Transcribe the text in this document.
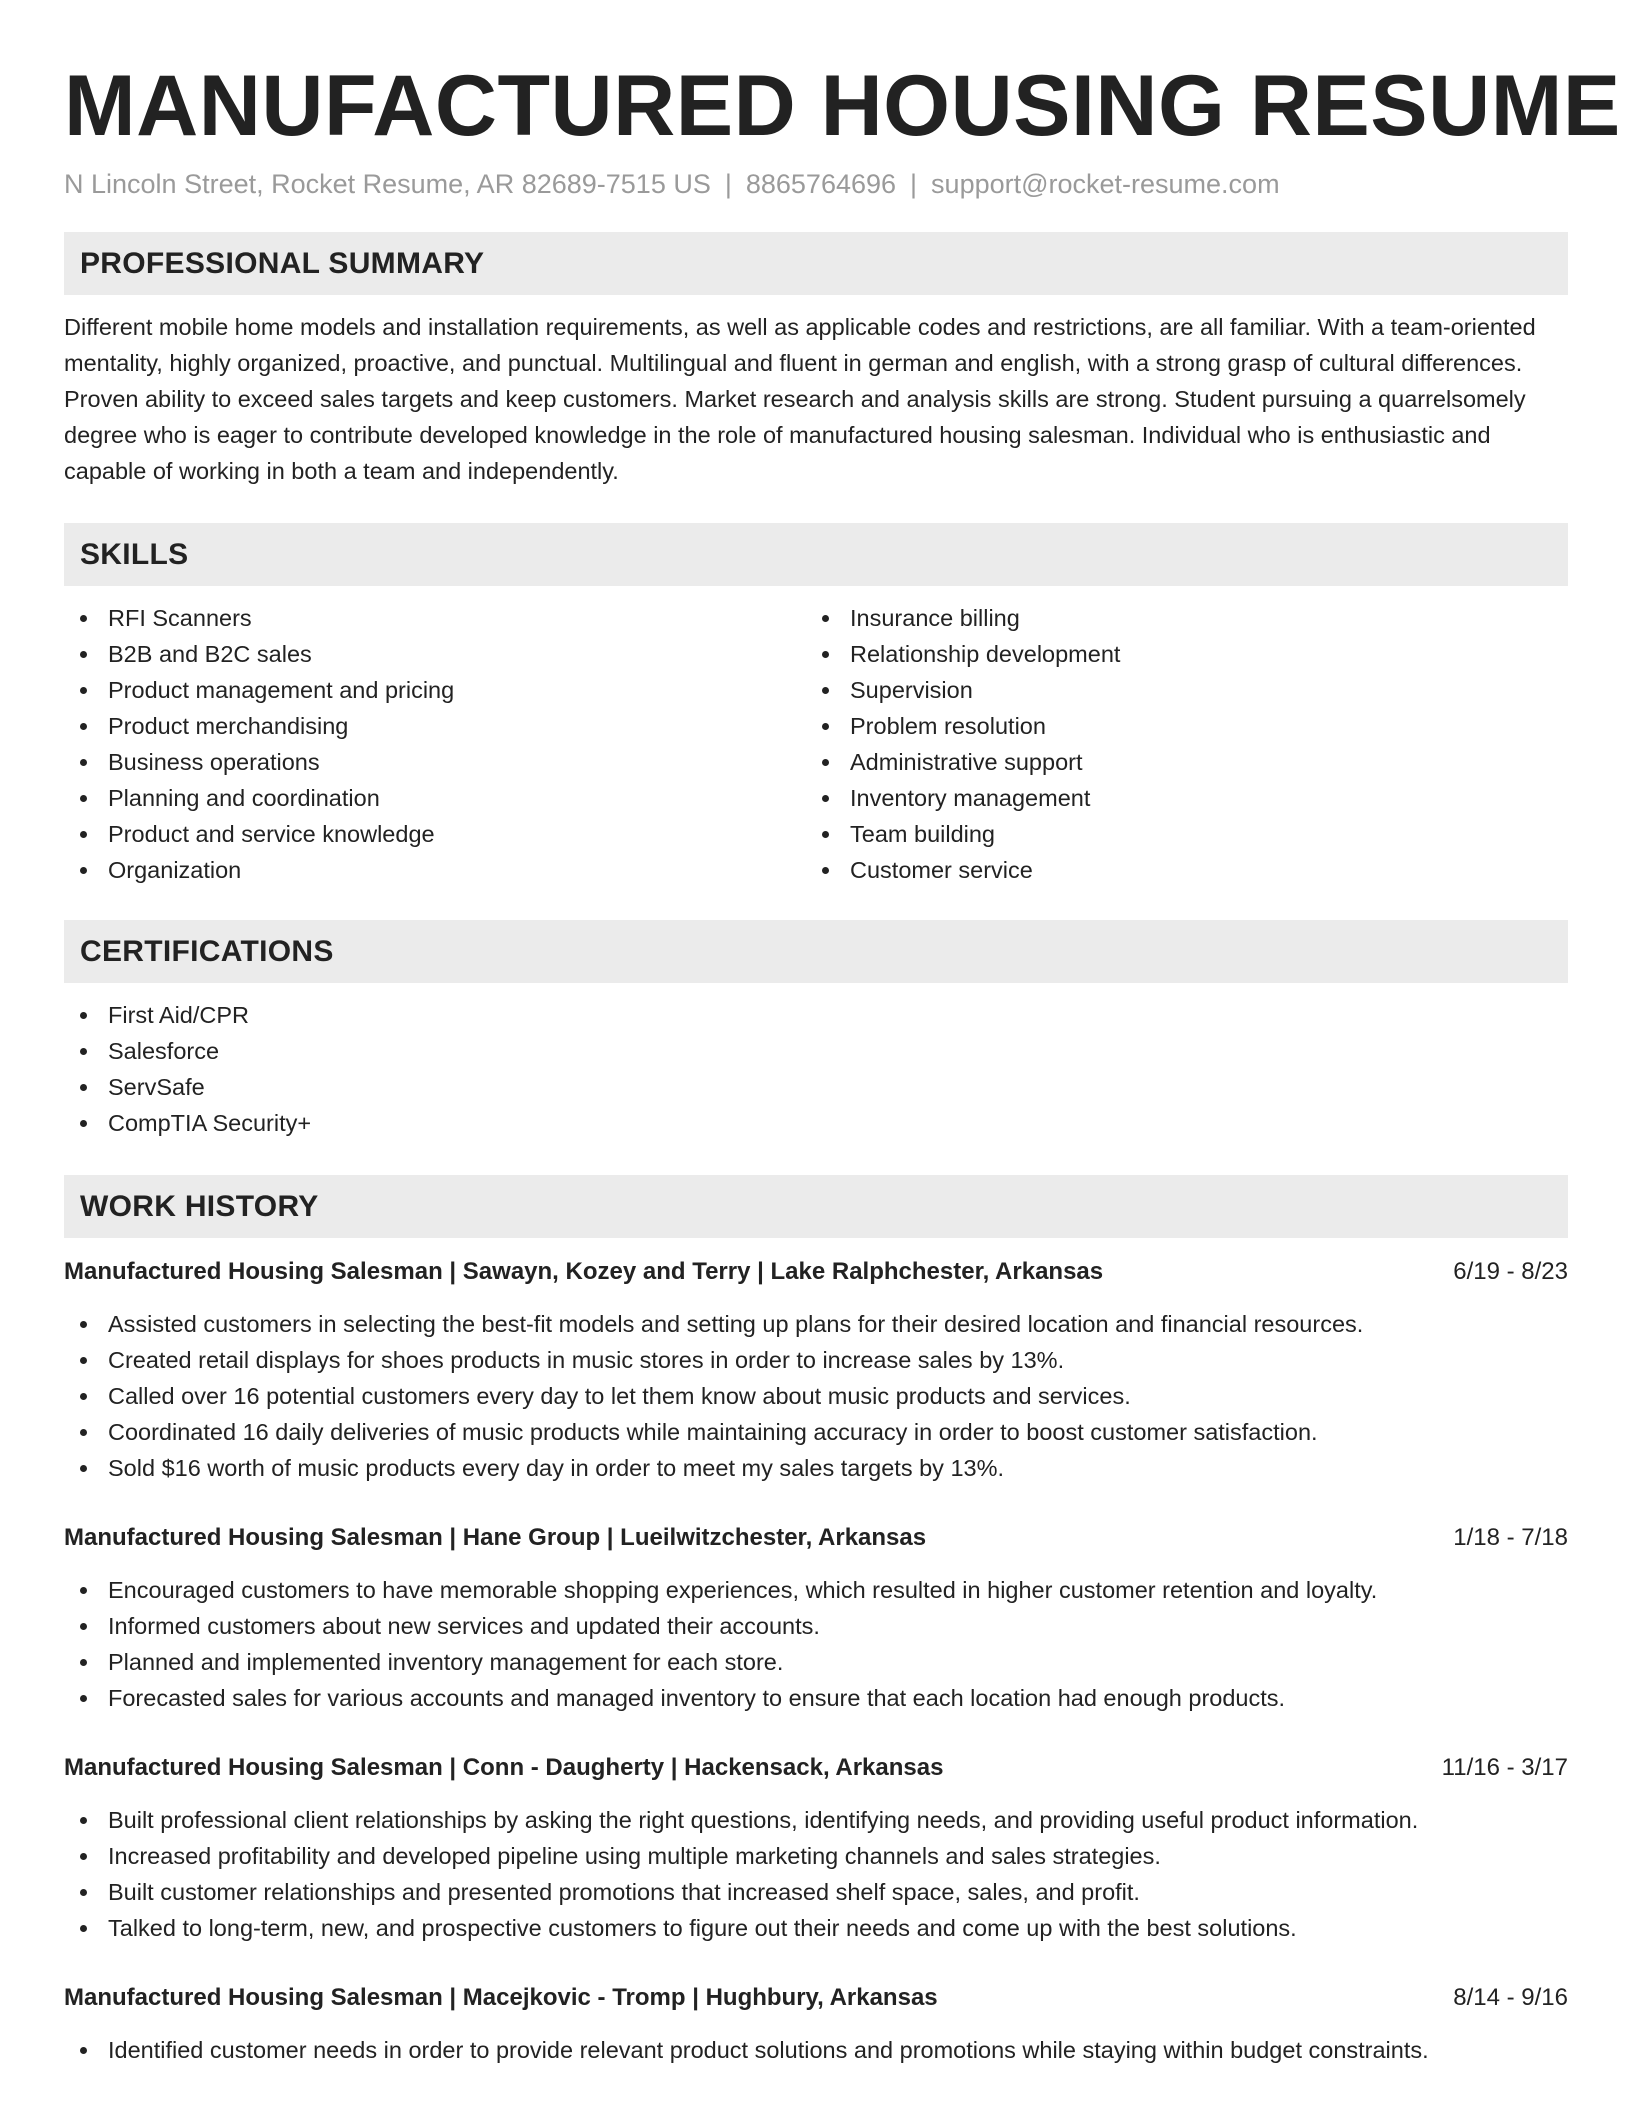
MANUFACTURED HOUSING RESUME
N Lincoln Street, Rocket Resume, AR 82689-7515 US | 8865764696 | support@rocket-resume.com
PROFESSIONAL SUMMARY

Different mobile home models and installation requirements, as well as applicable codes and restrictions, are all familiar. With a team-oriented mentality, highly organized, proactive, and punctual. Multilingual and fluent in german and english, with a strong grasp of cultural differences. Proven ability to exceed sales targets and keep customers. Market research and analysis skills are strong. Student pursuing a quarrelsomely degree who is eager to contribute developed knowledge in the role of manufactured housing salesman. Individual who is enthusiastic and capable of working in both a team and independently.

SKILLS
RFI Scanners
B2B and B2C sales
Product management and pricing
Product merchandising
Business operations
Planning and coordination
Product and service knowledge
Organization
Insurance billing
Relationship development
Supervision
Problem resolution
Administrative support
Inventory management
Team building
Customer service
CERTIFICATIONS
First Aid/CPR
Salesforce
ServSafe
CompTIA Security+
WORK HISTORY
Manufactured Housing Salesman | Sawayn, Kozey and Terry | Lake Ralphchester, Arkansas	6/19 - 8/23
Assisted customers in selecting the best-fit models and setting up plans for their desired location and financial resources.
Created retail displays for shoes products in music stores in order to increase sales by 13%.
Called over 16 potential customers every day to let them know about music products and services.
Coordinated 16 daily deliveries of music products while maintaining accuracy in order to boost customer satisfaction.
Sold $16 worth of music products every day in order to meet my sales targets by 13%.
Manufactured Housing Salesman | Hane Group | Lueilwitzchester, Arkansas	1/18 - 7/18
Encouraged customers to have memorable shopping experiences, which resulted in higher customer retention and loyalty.
Informed customers about new services and updated their accounts.
Planned and implemented inventory management for each store.
Forecasted sales for various accounts and managed inventory to ensure that each location had enough products.
Manufactured Housing Salesman | Conn - Daugherty | Hackensack, Arkansas	11/16 - 3/17
Built professional client relationships by asking the right questions, identifying needs, and providing useful product information.
Increased profitability and developed pipeline using multiple marketing channels and sales strategies.
Built customer relationships and presented promotions that increased shelf space, sales, and profit.
Talked to long-term, new, and prospective customers to figure out their needs and come up with the best solutions.
Manufactured Housing Salesman | Macejkovic - Tromp | Hughbury, Arkansas	8/14 - 9/16
Identified customer needs in order to provide relevant product solutions and promotions while staying within budget constraints.
